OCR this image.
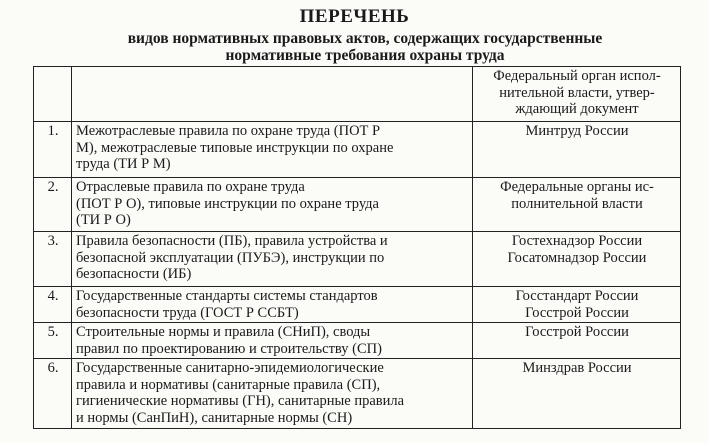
ПЕРЕЧЕНЬ
видов нормативных правовых актов, содержащих государственные
нормативные требования охраны труда

		Федеральный орган испол-
нительной власти, утвер-
ждающий документ

1.	Межотраслевые правила по охране труда (ПОТ Р
М), межотраслевые типовые инструкции по охране
труда (ТИ Р М)	Минтруд России

2.	Отраслевые правила по охране труда
(ПОТ Р О), типовые инструкции по охране труда
(ТИ Р О)	Федеральные органы ис-
полнительной власти

3.	Правила безопасности (ПБ), правила устройства и
безопасной эксплуатации (ПУБЭ), инструкции по
безопасности (ИБ)	Гостехнадзор России
Госатомнадзор России

4.	Государственные стандарты системы стандартов
безопасности труда (ГОСТ Р ССБТ)	Госстандарт России
Госстрой России

5.	Строительные нормы и правила (СНиП), своды
правил по проектированию и строительству (СП)	Госстрой России

6.	Государственные санитарно-эпидемиологические
правила и нормативы (санитарные правила (СП),
гигиенические нормативы (ГН), санитарные правила
и нормы (СанПиН), санитарные нормы (СН)	Минздрав России
